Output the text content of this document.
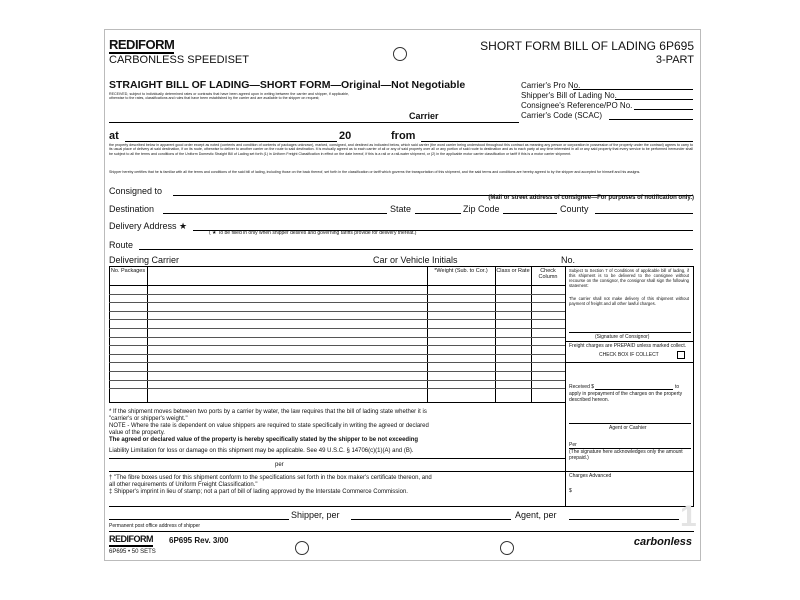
REDIFORM
CARBONLESS SPEEDISET
SHORT FORM BILL OF LADING 6P695
3-PART
STRAIGHT BILL OF LADING—SHORT FORM—Original—Not Negotiable
RECEIVED, subject to individually determined rates or contracts that have been agreed upon in writing between the carrier and shipper, if applicable, otherwise to the rates, classifications and rules that have been established by the carrier and are available to the shipper on request;
Carrier's Pro No.
Shipper's Bill of Lading No.
Consignee's Reference/PO No.
Carrier's Code (SCAC)
Carrier
at	20	from
the property described below in apparent good order except as noted (contents and condition of contents of packages unknown), marked, consigned, and destined as indicated below, which said carrier (the word carrier being understood throughout this contract as meaning any person or corporation in possession of the property under the contract) agrees to carry to its usual place of delivery at said destination, if on its route, otherwise to deliver to another carrier on the route to said destination. It is mutually agreed as to each carrier of all or any of said property over all or any portion of said route to destination and as to each party at any time interested in all or any said property that every service to be performed hereunder shall be subject to all the terms and conditions of the Uniform Domestic Straight Bill of Lading set forth (1) in Uniform Freight Classification in effect on the date hereof, if this is a rail or a rail-water shipment, or (2) in the applicable motor carrier classification or tariff if this is a motor carrier shipment.
Shipper hereby certifies that he is familiar with all the terms and conditions of the said bill of lading, including those on the back thereof, set forth in the classification or tariff which governs the transportation of this shipment, and the said terms and conditions are hereby agreed to by the shipper and accepted for himself and his assigns.
Consigned to
(Mail or street address of consignee—For purposes of notification only.)
Destination	State	Zip Code	County
Delivery Address ★
( ★ To be filled in only when shipper desires and governing tariffs provide for delivery thereat.)
Route
Delivering Carrier	Car or Vehicle Initials	No.
No. Packages	*Weight (Sub. to Cor.)	Class or Rate	Check Column
Subject to Section 7 of Conditions of applicable bill of lading, if this shipment is to be delivered to the consignee without recourse on the consignor, the consignor shall sign the following statement:
The carrier shall not make delivery of this shipment without payment of freight and all other lawful charges.
(Signature of Consignor)
Freight charges are PREPAID unless marked collect.
CHECK BOX IF COLLECT
Received $	to
apply in prepayment of the charges on the property described hereon.
Agent or Cashier
Per
(The signature here acknowledges only the amount prepaid.)
Charges Advanced
$
* If the shipment moves between two ports by a carrier by water, the law requires that the bill of lading state whether it is "carrier's or shipper's weight."
NOTE - Where the rate is dependent on value shippers are required to state specifically in writing the agreed or declared value of the property.
The agreed or declared value of the property is hereby specifically stated by the shipper to be not exceeding
Liability Limitation for loss or damage on this shipment may be applicable. See 49 U.S.C. § 14706(c)(1)(A) and (B).
per
† "The fibre boxes used for this shipment conform to the specifications set forth in the box maker's certificate thereon, and all other requirements of Uniform Freight Classification."
‡ Shipper's imprint in lieu of stamp; not a part of bill of lading approved by the Interstate Commerce Commission.
Shipper, per	Agent, per	1
Permanent post office address of shipper
REDIFORM 6P695 Rev. 3/00
6P695 • 50 SETS
carbonless
